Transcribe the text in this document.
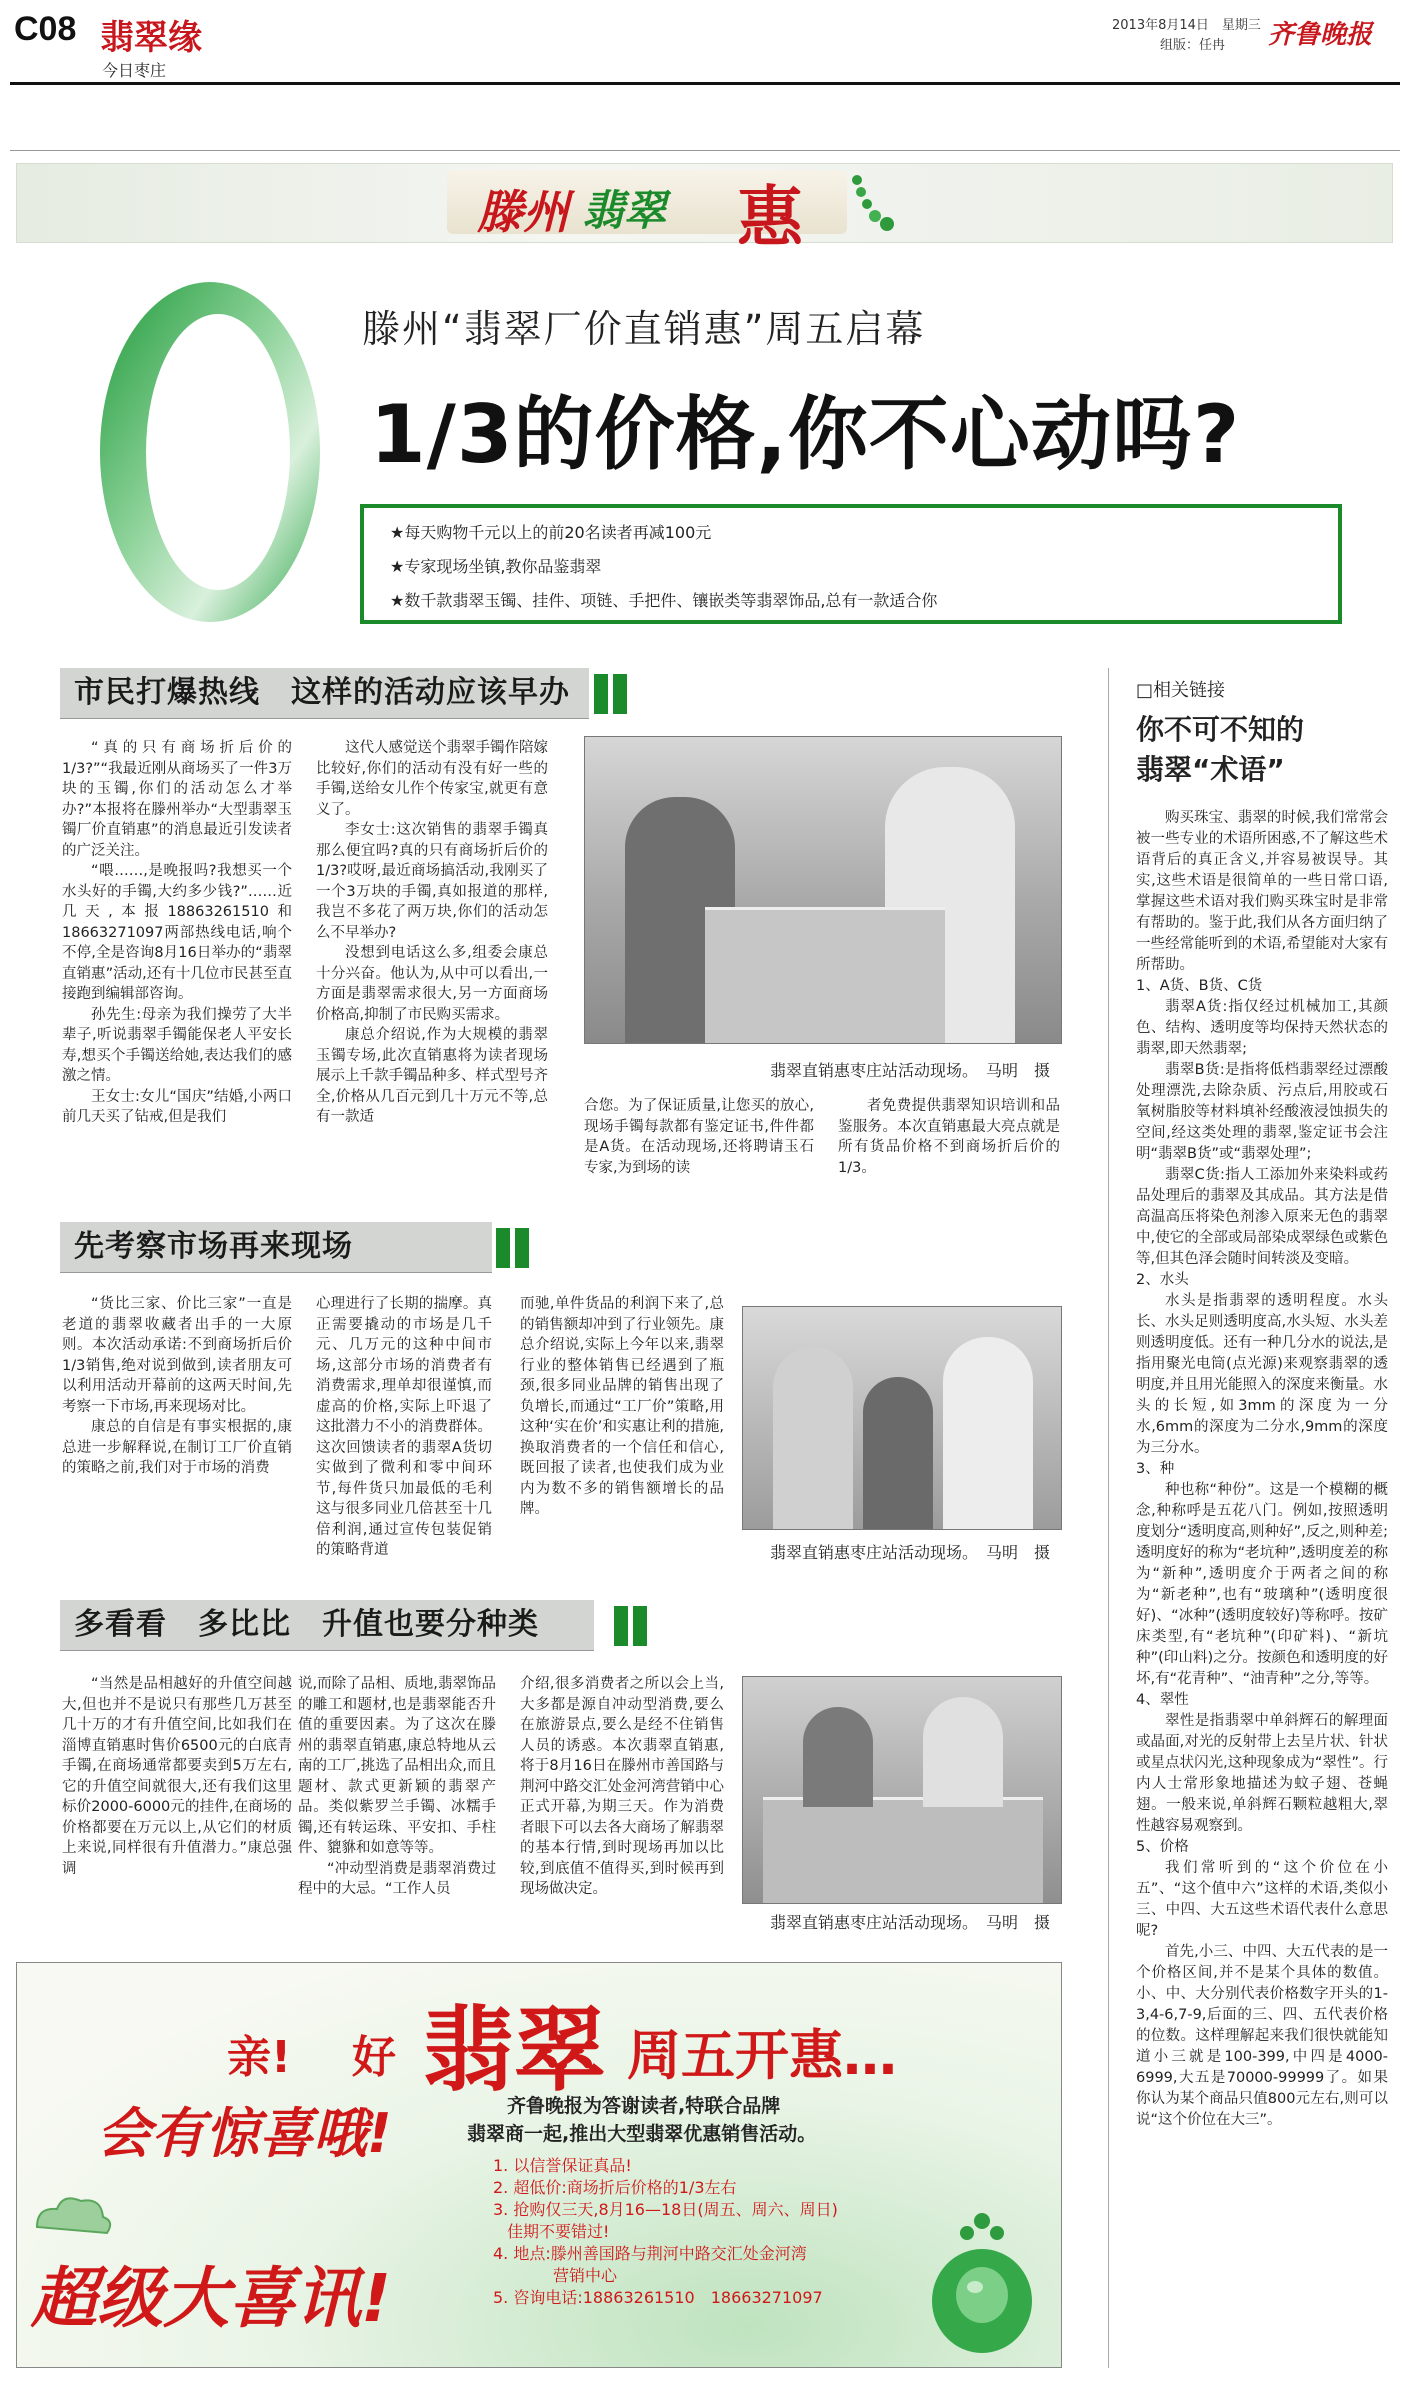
C08 翡翠缘
今日枣庄
2013年8月14日　星期三
组版：任冉 齐鲁晚报
滕州 翡翠 惠
滕州“翡翠厂价直销惠”周五启幕
1/3的价格,你不心动吗?
★每天购物千元以上的前20名读者再减100元
★专家现场坐镇,教你品鉴翡翠
★数千款翡翠玉镯、挂件、项链、手把件、镶嵌类等翡翠饰品,总有一款适合你
市民打爆热线　这样的活动应该早办

“真的只有商场折后价的1/3?”“我最近刚从商场买了一件3万块的玉镯,你们的活动怎么才举办?”本报将在滕州举办“大型翡翠玉镯厂价直销惠”的消息最近引发读者的广泛关注。

“喂……,是晚报吗?我想买一个水头好的手镯,大约多少钱?”……近几天,本报18863261510和18663271097两部热线电话,响个不停,全是咨询8月16日举办的“翡翠直销惠”活动,还有十几位市民甚至直接跑到编辑部咨询。

孙先生:母亲为我们操劳了大半辈子,听说翡翠手镯能保老人平安长寿,想买个手镯送给她,表达我们的感激之情。

王女士:女儿“国庆”结婚,小两口前几天买了钻戒,但是我们

这代人感觉送个翡翠手镯作陪嫁比较好,你们的活动有没有好一些的手镯,送给女儿作个传家宝,就更有意义了。

李女士:这次销售的翡翠手镯真那么便宜吗?真的只有商场折后价的1/3?哎呀,最近商场搞活动,我刚买了一个3万块的手镯,真如报道的那样,我岂不多花了两万块,你们的活动怎么不早举办?

没想到电话这么多,组委会康总十分兴奋。他认为,从中可以看出,一方面是翡翠需求很大,另一方面商场价格高,抑制了市民购买需求。

康总介绍说,作为大规模的翡翠玉镯专场,此次直销惠将为读者现场展示上千款手镯品种多、样式型号齐全,价格从几百元到几十万元不等,总有一款适

翡翠直销惠枣庄站活动现场。　马明　摄

合您。为了保证质量,让您买的放心,现场手镯每款都有鉴定证书,件件都是A货。在活动现场,还将聘请玉石专家,为到场的读

者免费提供翡翠知识培训和品鉴服务。本次直销惠最大亮点就是所有货品价格不到商场折后价的1/3。

先考察市场再来现场

“货比三家、价比三家”一直是老道的翡翠收藏者出手的一大原则。本次活动承诺:不到商场折后价1/3销售,绝对说到做到,读者朋友可以利用活动开幕前的这两天时间,先考察一下市场,再来现场对比。

康总的自信是有事实根据的,康总进一步解释说,在制订工厂价直销的策略之前,我们对于市场的消费

心理进行了长期的揣摩。真正需要撬动的市场是几千元、几万元的这种中间市场,这部分市场的消费者有消费需求,理单却很谨慎,而虚高的价格,实际上吓退了这批潜力不小的消费群体。这次回馈读者的翡翠A货切实做到了微利和零中间环节,每件货只加最低的毛利这与很多同业几倍甚至十几倍利润,通过宣传包装促销的策略背道

而驰,单件货品的利润下来了,总的销售额却冲到了行业领先。康总介绍说,实际上今年以来,翡翠行业的整体销售已经遇到了瓶颈,很多同业品牌的销售出现了负增长,而通过“工厂价”策略,用这种‘实在价’和实惠让利的措施,换取消费者的一个信任和信心,既回报了读者,也使我们成为业内为数不多的销售额增长的品牌。

翡翠直销惠枣庄站活动现场。　马明　摄
多看看　多比比　升值也要分种类

“当然是品相越好的升值空间越大,但也并不是说只有那些几万甚至几十万的才有升值空间,比如我们在淄博直销惠时售价6500元的白底青手镯,在商场通常都要卖到5万左右,它的升值空间就很大,还有我们这里标价2000-6000元的挂件,在商场的价格都要在万元以上,从它们的材质上来说,同样很有升值潜力。”康总强调

说,而除了品相、质地,翡翠饰品的雕工和题材,也是翡翠能否升值的重要因素。为了这次在滕州的翡翠直销惠,康总特地从云南的工厂,挑选了品相出众,而且题材、款式更新颖的翡翠产品。类似紫罗兰手镯、冰糯手镯,还有转运珠、平安扣、手柱件、貔貅和如意等等。

“冲动型消费是翡翠消费过程中的大忌。“工作人员

介绍,很多消费者之所以会上当,大多都是源自冲动型消费,要么在旅游景点,要么是经不住销售人员的诱惑。本次翡翠直销惠,将于8月16日在滕州市善国路与荆河中路交汇处金河湾营销中心正式开幕,为期三天。作为消费者眼下可以去各大商场了解翡翠的基本行情,到时现场再加以比较,到底值不值得买,到时候再到现场做决定。

翡翠直销惠枣庄站活动现场。　马明　摄
□相关链接
你不可不知的
翡翠“术语”

购买珠宝、翡翠的时候,我们常常会被一些专业的术语所困惑,不了解这些术语背后的真正含义,并容易被误导。其实,这些术语是很简单的一些日常口语,掌握这些术语对我们购买珠宝时是非常有帮助的。鉴于此,我们从各方面归纳了一些经常能听到的术语,希望能对大家有所帮助。

1、A货、B货、C货

翡翠A货:指仅经过机械加工,其颜色、结构、透明度等均保持天然状态的翡翠,即天然翡翠;

翡翠B货:是指将低档翡翠经过漂酸处理漂洗,去除杂质、污点后,用胶或石氧树脂胶等材料填补经酸液浸蚀损失的空间,经这类处理的翡翠,鉴定证书会注明“翡翠B货”或“翡翠处理”;

翡翠C货:指人工添加外来染料或药品处理后的翡翠及其成品。其方法是借高温高压将染色剂渗入原来无色的翡翠中,使它的全部或局部染成翠绿色或紫色等,但其色泽会随时间转淡及变暗。

2、水头

水头是指翡翠的透明程度。水头长、水头足则透明度高,水头短、水头差则透明度低。还有一种几分水的说法,是指用聚光电筒(点光源)来观察翡翠的透明度,并且用光能照入的深度来衡量。水头的长短,如3mm的深度为一分水,6mm的深度为二分水,9mm的深度为三分水。

3、种

种也称“种份”。这是一个模糊的概念,种称呼是五花八门。例如,按照透明度划分“透明度高,则种好”,反之,则种差;透明度好的称为“老坑种”,透明度差的称为“新种”,透明度介于两者之间的称为“新老种”,也有“玻璃种”(透明度很好)、“冰种”(透明度较好)等称呼。按矿床类型,有“老坑种”(印矿料)、“新坑种”(印山料)之分。按颜色和透明度的好坏,有“花青种”、“油青种”之分,等等。

4、翠性

翠性是指翡翠中单斜辉石的解理面或晶面,对光的反射带上去呈片状、针状或星点状闪光,这种现象成为“翠性”。行内人士常形象地描述为蚊子翅、苍蝇翅。一般来说,单斜辉石颗粒越粗大,翠性越容易观察到。

5、价格

我们常听到的“这个价位在小五”、“这个值中六”这样的术语,类似小三、中四、大五这些术语代表什么意思呢?

首先,小三、中四、大五代表的是一个价格区间,并不是某个具体的数值。小、中、大分别代表价格数字开头的1-3,4-6,7-9,后面的三、四、五代表价格的位数。这样理解起来我们很快就能知道小三就是100-399,中四是4000-6999,大五是70000-99999了。如果你认为某个商品只值800元左右,则可以说“这个价位在大三”。

亲! 好 翡翠 周五开惠…
会有惊喜哦!
超级大喜讯!
齐鲁晚报为答谢读者,特联合品牌
翡翠商一起,推出大型翡翠优惠销售活动。
1. 以信誉保证真品!
2. 超低价:商场折后价格的1/3左右
3. 抢购仅三天,8月16—18日(周五、周六、周日)
佳期不要错过!
4. 地点:滕州善国路与荆河中路交汇处金河湾
营销中心
5. 咨询电话:18863261510　18663271097
